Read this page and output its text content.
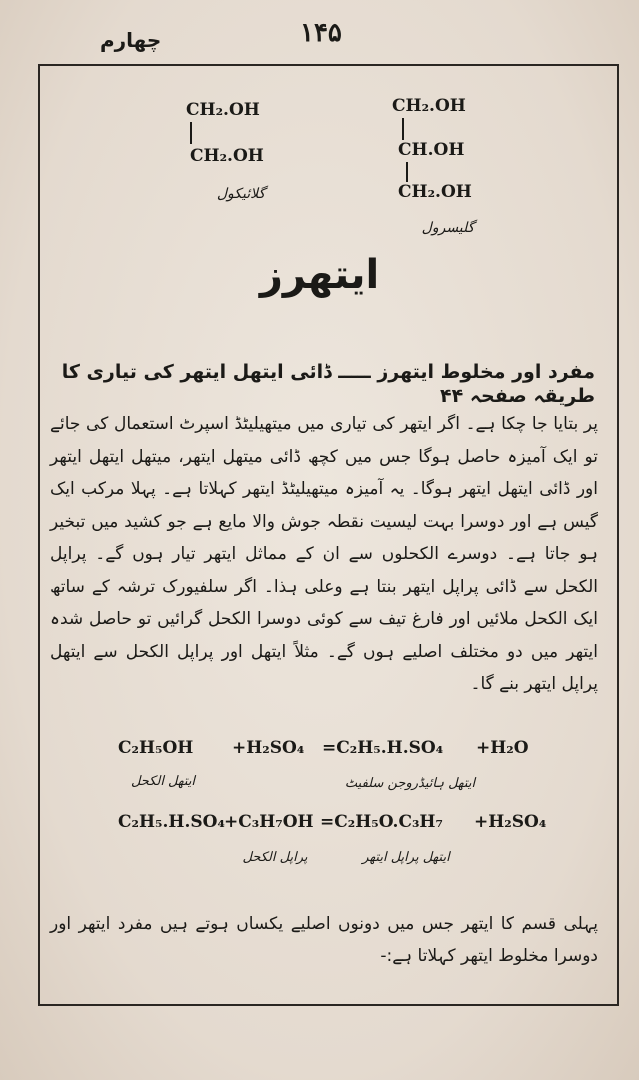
۱۴۵
چهارم
CH₂.OH
CH₂.OH
گلائیکول
CH₂.OH
CH.OH
CH₂.OH
گلیسرول
ایتھرز
مفرد اور مخلوط ایتھرز ـــــ ڈائی ایتھل ایتھر کی تیاری کا طریقہ صفحہ ۴۴
پر بتایا جا چکا ہے۔ اگر ایتھر کی تیاری میں میتھیلیٹڈ اسپرٹ استعمال کی جائے تو ایک آمیزہ حاصل ہوگا جس میں کچھ ڈائی میتھل ایتھر، میتھل ایتھل ایتھر اور ڈائی ایتھل ایتھر ہوگا۔ یہ آمیزہ میتھیلیٹڈ ایتھر کہلاتا ہے۔ پہلا مرکب ایک گیس ہے اور دوسرا بہت لیسیت نقطہ جوش والا مایع ہے جو کشید میں تبخیر ہو جاتا ہے۔ دوسرے الکحلوں سے ان کے مماثل ایتھر تیار ہوں گے۔ پراپل الکحل سے ڈائی پراپل ایتھر بنتا ہے وعلی ہذا۔ اگر سلفیورک ترشہ کے ساتھ ایک الکحل ملائیں اور فارغ تیف سے کوئی دوسرا الکحل گرائیں تو حاصل شدہ ایتھر میں دو مختلف اصلیے ہوں گے۔ مثلاً ایتھل اور پراپل الکحل سے ایتھل پراپل ایتھر بنے گا۔
C₂H₅OH +H₂SO₄ =C₂H₅.H.SO₄ +H₂O
ایتھل الکحل	ایتھل ہائیڈروجن سلفیٹ
C₂H₅.H.SO₄ +C₃H₇OH =C₂H₅O.C₃H₇ +H₂SO₄
پراپل الکحل	ایتھل پراپل ایتھر
پہلی قسم کا ایتھر جس میں دونوں اصلیے یکساں ہوتے ہیں مفرد ایتھر اور دوسرا مخلوط ایتھر کہلاتا ہے:-
